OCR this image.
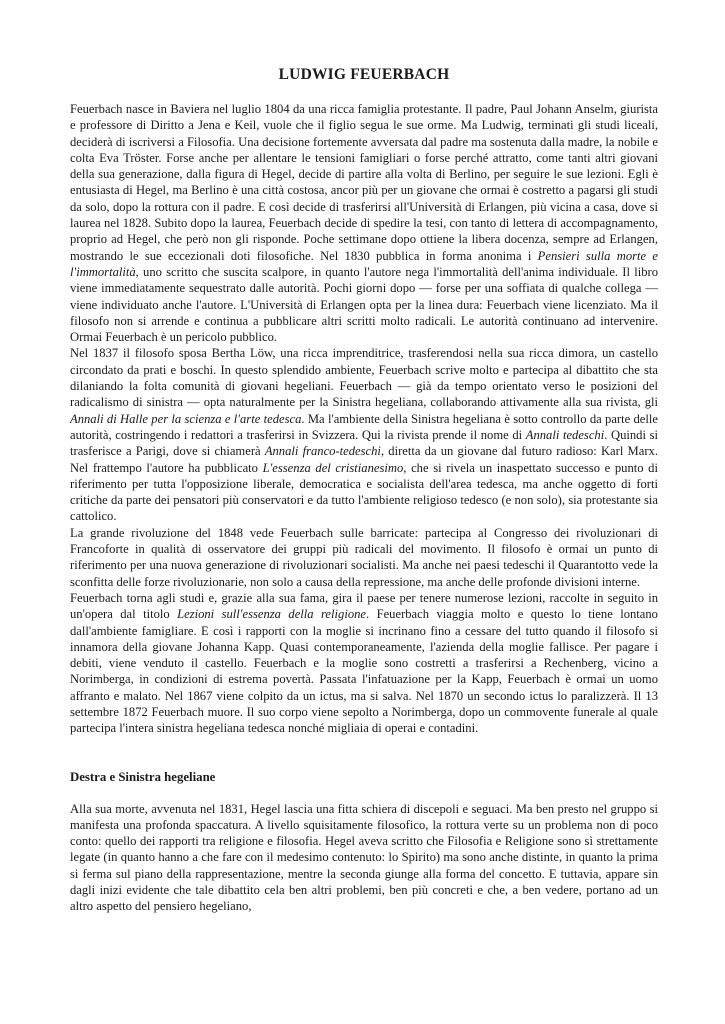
LUDWIG FEUERBACH

Feuerbach nasce in Baviera nel luglio 1804 da una ricca famiglia protestante. Il padre, Paul Johann Anselm, giurista e professore di Diritto a Jena e Keil, vuole che il figlio segua le sue orme. Ma Ludwig, terminati gli studi liceali, deciderà di iscriversi a Filosofia. Una decisione fortemente avversata dal padre ma sostenuta dalla madre, la nobile e colta Eva Tröster. Forse anche per allentare le tensioni famigliari o forse perché attratto, come tanti altri giovani della sua generazione, dalla figura di Hegel, decide di partire alla volta di Berlino, per seguire le sue lezioni. Egli è entusiasta di Hegel, ma Berlino è una città costosa, ancor più per un giovane che ormai è costretto a pagarsi gli studi da solo, dopo la rottura con il padre. E così decide di trasferirsi all'Università di Erlangen, più vicina a casa, dove si laurea nel 1828. Subito dopo la laurea, Feuerbach decide di spedire la tesi, con tanto di lettera di accompagnamento, proprio ad Hegel, che però non gli risponde. Poche settimane dopo ottiene la libera docenza, sempre ad Erlangen, mostrando le sue eccezionali doti filosofiche. Nel 1830 pubblica in forma anonima i Pensieri sulla morte e l'immortalità, uno scritto che suscita scalpore, in quanto l'autore nega l'immortalità dell'anima individuale. Il libro viene immediatamente sequestrato dalle autorità. Pochi giorni dopo — forse per una soffiata di qualche collega — viene individuato anche l'autore. L'Università di Erlangen opta per la linea dura: Feuerbach viene licenziato. Ma il filosofo non si arrende e continua a pubblicare altri scritti molto radicali. Le autorità continuano ad intervenire. Ormai Feuerbach è un pericolo pubblico.

Nel 1837 il filosofo sposa Bertha Löw, una ricca imprenditrice, trasferendosi nella sua ricca dimora, un castello circondato da prati e boschi. In questo splendido ambiente, Feuerbach scrive molto e partecipa al dibattito che sta dilaniando la folta comunità di giovani hegeliani. Feuerbach — già da tempo orientato verso le posizioni del radicalismo di sinistra — opta naturalmente per la Sinistra hegeliana, collaborando attivamente alla sua rivista, gli Annali di Halle per la scienza e l'arte tedesca. Ma l'ambiente della Sinistra hegeliana è sotto controllo da parte delle autorità, costringendo i redattori a trasferirsi in Svizzera. Qui la rivista prende il nome di Annali tedeschi. Quindi si trasferisce a Parigi, dove si chiamerà Annali franco-tedeschi, diretta da un giovane dal futuro radioso: Karl Marx. Nel frattempo l'autore ha pubblicato L'essenza del cristianesimo, che si rivela un inaspettato successo e punto di riferimento per tutta l'opposizione liberale, democratica e socialista dell'area tedesca, ma anche oggetto di forti critiche da parte dei pensatori più conservatori e da tutto l'ambiente religioso tedesco (e non solo), sia protestante sia cattolico.

La grande rivoluzione del 1848 vede Feuerbach sulle barricate: partecipa al Congresso dei rivoluzionari di Francoforte in qualità di osservatore dei gruppi più radicali del movimento. Il filosofo è ormai un punto di riferimento per una nuova generazione di rivoluzionari socialisti. Ma anche nei paesi tedeschi il Quarantotto vede la sconfitta delle forze rivoluzionarie, non solo a causa della repressione, ma anche delle profonde divisioni interne.

Feuerbach torna agli studi e, grazie alla sua fama, gira il paese per tenere numerose lezioni, raccolte in seguito in un'opera dal titolo Lezioni sull'essenza della religione. Feuerbach viaggia molto e questo lo tiene lontano dall'ambiente famigliare. E così i rapporti con la moglie si incrinano fino a cessare del tutto quando il filosofo si innamora della giovane Johanna Kapp. Quasi contemporaneamente, l'azienda della moglie fallisce. Per pagare i debiti, viene venduto il castello. Feuerbach e la moglie sono costretti a trasferirsi a Rechenberg, vicino a Norimberga, in condizioni di estrema povertà. Passata l'infatuazione per la Kapp, Feuerbach è ormai un uomo affranto e malato. Nel 1867 viene colpito da un ictus, ma si salva. Nel 1870 un secondo ictus lo paralizzerà. Il 13 settembre 1872 Feuerbach muore. Il suo corpo viene sepolto a Norimberga, dopo un commovente funerale al quale partecipa l'intera sinistra hegeliana tedesca nonché migliaia di operai e contadini.

Destra e Sinistra hegeliane

Alla sua morte, avvenuta nel 1831, Hegel lascia una fitta schiera di discepoli e seguaci. Ma ben presto nel gruppo si manifesta una profonda spaccatura. A livello squisitamente filosofico, la rottura verte su un problema non di poco conto: quello dei rapporti tra religione e filosofia. Hegel aveva scritto che Filosofia e Religione sono sì strettamente legate (in quanto hanno a che fare con il medesimo contenuto: lo Spirito) ma sono anche distinte, in quanto la prima si ferma sul piano della rappresentazione, mentre la seconda giunge alla forma del concetto. E tuttavia, appare sin dagli inizi evidente che tale dibattito cela ben altri problemi, ben più concreti e che, a ben vedere, portano ad un altro aspetto del pensiero hegeliano,
